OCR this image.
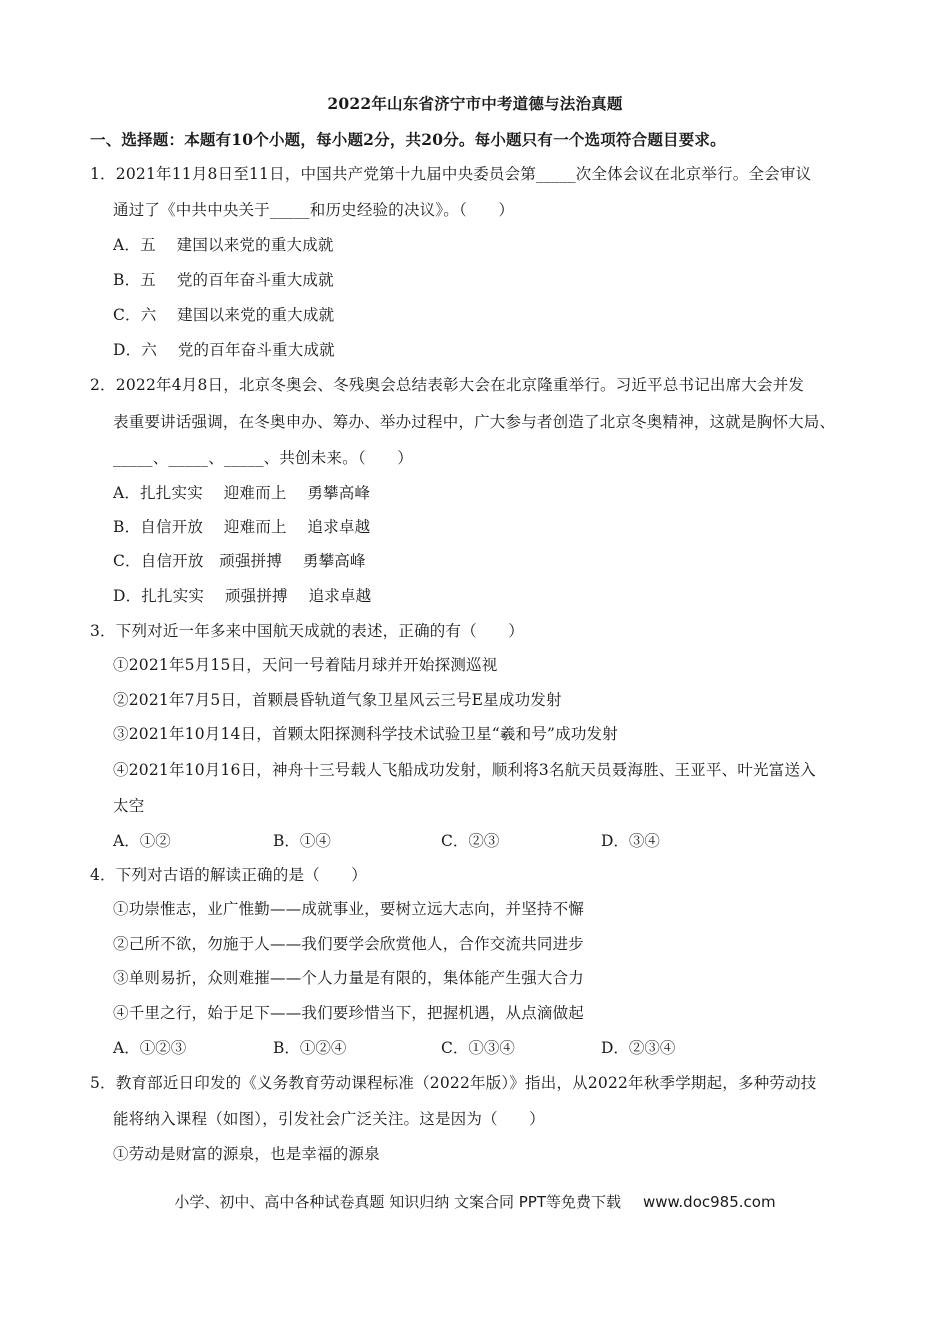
2022年山东省济宁市中考道德与法治真题
一、选择题：本题有10个小题，每小题2分，共20分。每小题只有一个选项符合题目要求。
1．2021年11月8日至11日，中国共产党第十九届中央委员会第_____次全体会议在北京举行。全会审议
通过了《中共中央关于_____和历史经验的决议》。（　　）
A．五　 建国以来党的重大成就
B．五　 党的百年奋斗重大成就
C．六　 建国以来党的重大成就
D．六　 党的百年奋斗重大成就
2．2022年4月8日，北京冬奥会、冬残奥会总结表彰大会在北京隆重举行。习近平总书记出席大会并发
表重要讲话强调，在冬奥申办、筹办、举办过程中，广大参与者创造了北京冬奥精神，这就是胸怀大局、
_____、_____、_____、共创未来。（　　）
A．扎扎实实　 迎难而上　 勇攀高峰
B．自信开放　 迎难而上　 追求卓越
C．自信开放　顽强拼搏　 勇攀高峰
D．扎扎实实　 顽强拼搏　 追求卓越
3．下列对近一年多来中国航天成就的表述，正确的有（　　）
①2021年5月15日，天问一号着陆月球并开始探测巡视
②2021年7月5日，首颗晨昏轨道气象卫星风云三号E星成功发射
③2021年10月14日，首颗太阳探测科学技术试验卫星“羲和号”成功发射
④2021年10月16日，神舟十三号载人飞船成功发射，顺利将3名航天员聂海胜、王亚平、叶光富送入
太空
A．①②	B．①④	C．②③	D．③④
4．下列对古语的解读正确的是（　　）
①功崇惟志，业广惟勤——成就事业，要树立远大志向，并坚持不懈
②己所不欲，勿施于人——我们要学会欣赏他人，合作交流共同进步
③单则易折，众则难摧——个人力量是有限的，集体能产生强大合力
④千里之行，始于足下——我们要珍惜当下，把握机遇，从点滴做起
A．①②③	B．①②④	C．①③④	D．②③④
5．教育部近日印发的《义务教育劳动课程标准（2022年版）》指出，从2022年秋季学期起，多种劳动技
能将纳入课程（如图），引发社会广泛关注。这是因为（　　）
①劳动是财富的源泉，也是幸福的源泉
小学、初中、高中各种试卷真题 知识归纳 文案合同 PPT等免费下载 www.doc985.com
